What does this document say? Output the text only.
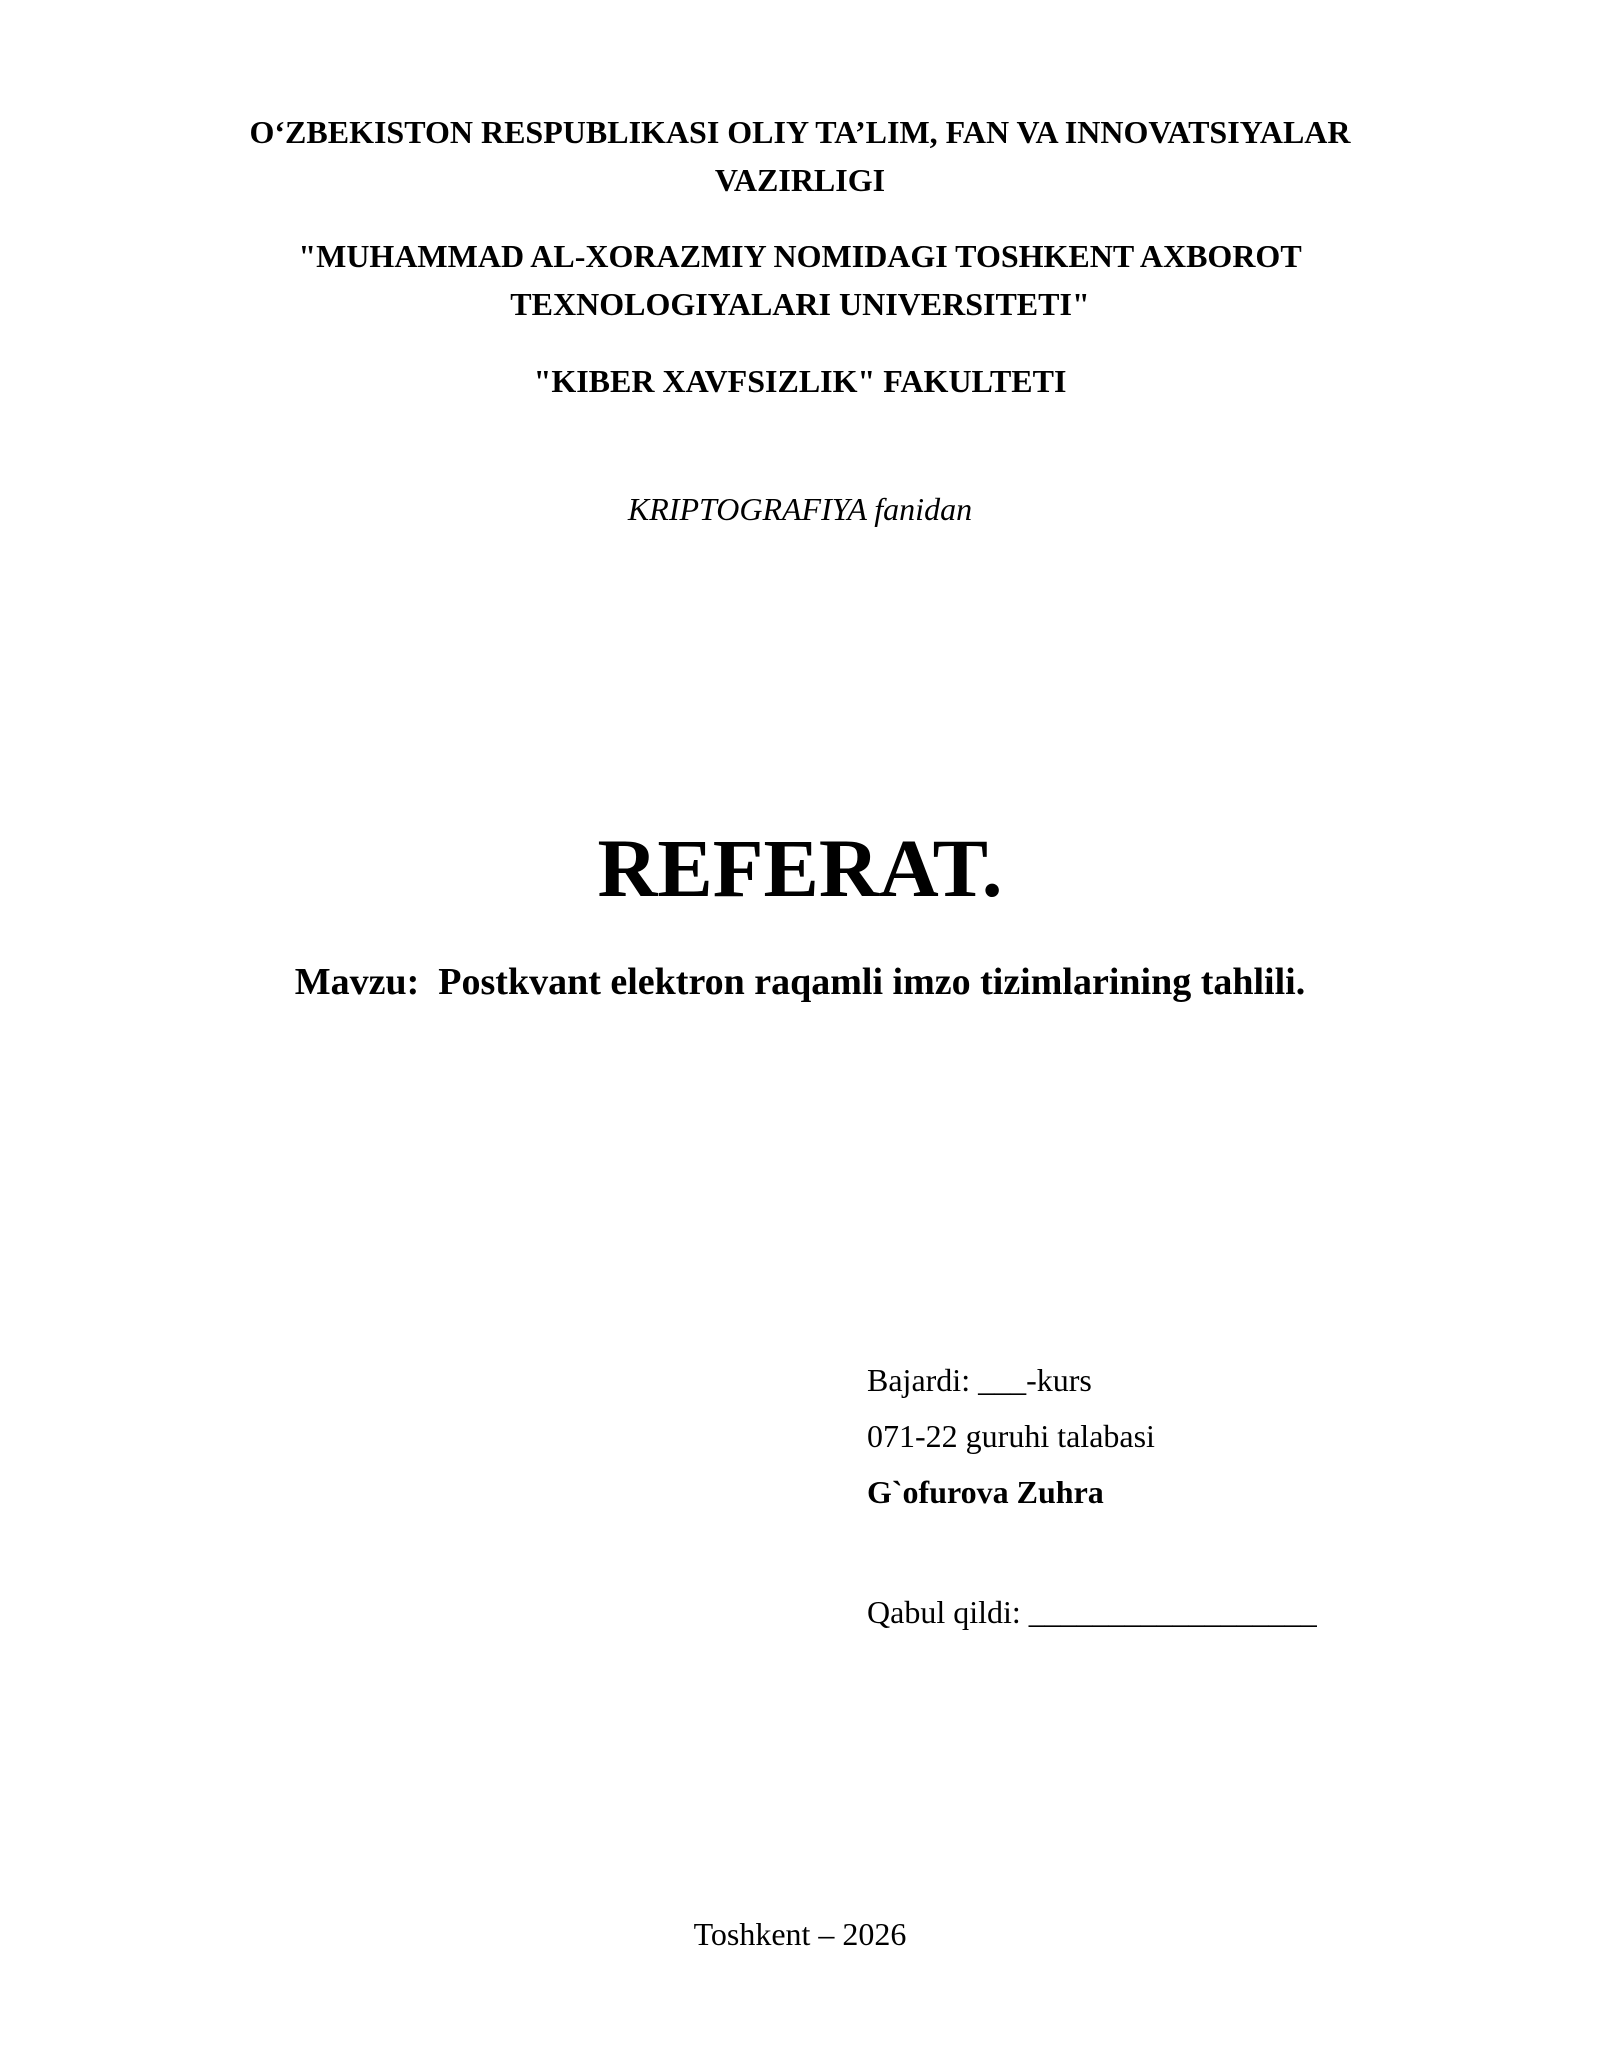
O‘ZBEKISTON RESPUBLIKASI OLIY TA’LIM, FAN VA INNOVATSIYALAR
VAZIRLIGI
"MUHAMMAD AL-XORAZMIY NOMIDAGI TOSHKENT AXBOROT
TEXNOLOGIYALARI UNIVERSITETI"
"KIBER XAVFSIZLIK" FAKULTETI
KRIPTOGRAFIYA fanidan
REFERAT.
Mavzu:  Postkvant elektron raqamli imzo tizimlarining tahlili.
Bajardi: ___-kurs
071-22 guruhi talabasi
G`ofurova Zuhra
Qabul qildi: __________________
Toshkent – 2026
